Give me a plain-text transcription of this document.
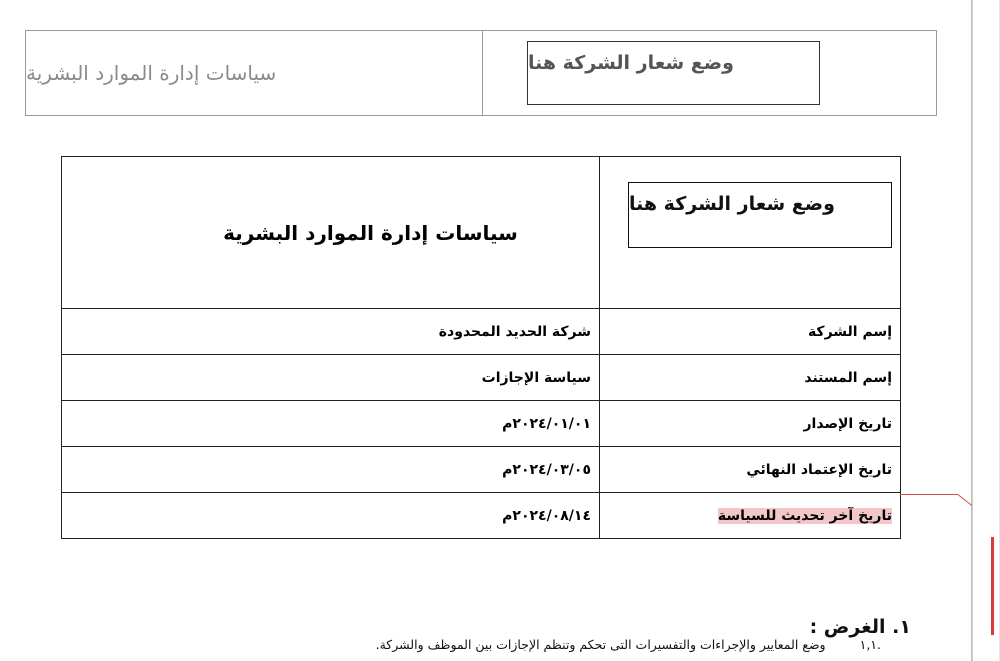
سياسات إدارة الموارد البشرية	وضع شعار الشركة هنا
وضع شعار الشركة هنا	سياسات إدارة الموارد البشرية

إسم الشركة	شركة الحديد المحدودة
إسم المستند	سياسة الإجازات
تاريخ الإصدار	٢٠٢٤/٠١/٠١م
تاريخ الإعتماد النهائي	٢٠٢٤/٠٣/٠٥م
تاريخ آخر تحديث للسياسة	٢٠٢٤/٠٨/١٤م
١. الغرض :
.١,١وضع المعايير والإجراءات والتفسيرات التى تحكم وتنظم الإجازات بين الموظف والشركة.
